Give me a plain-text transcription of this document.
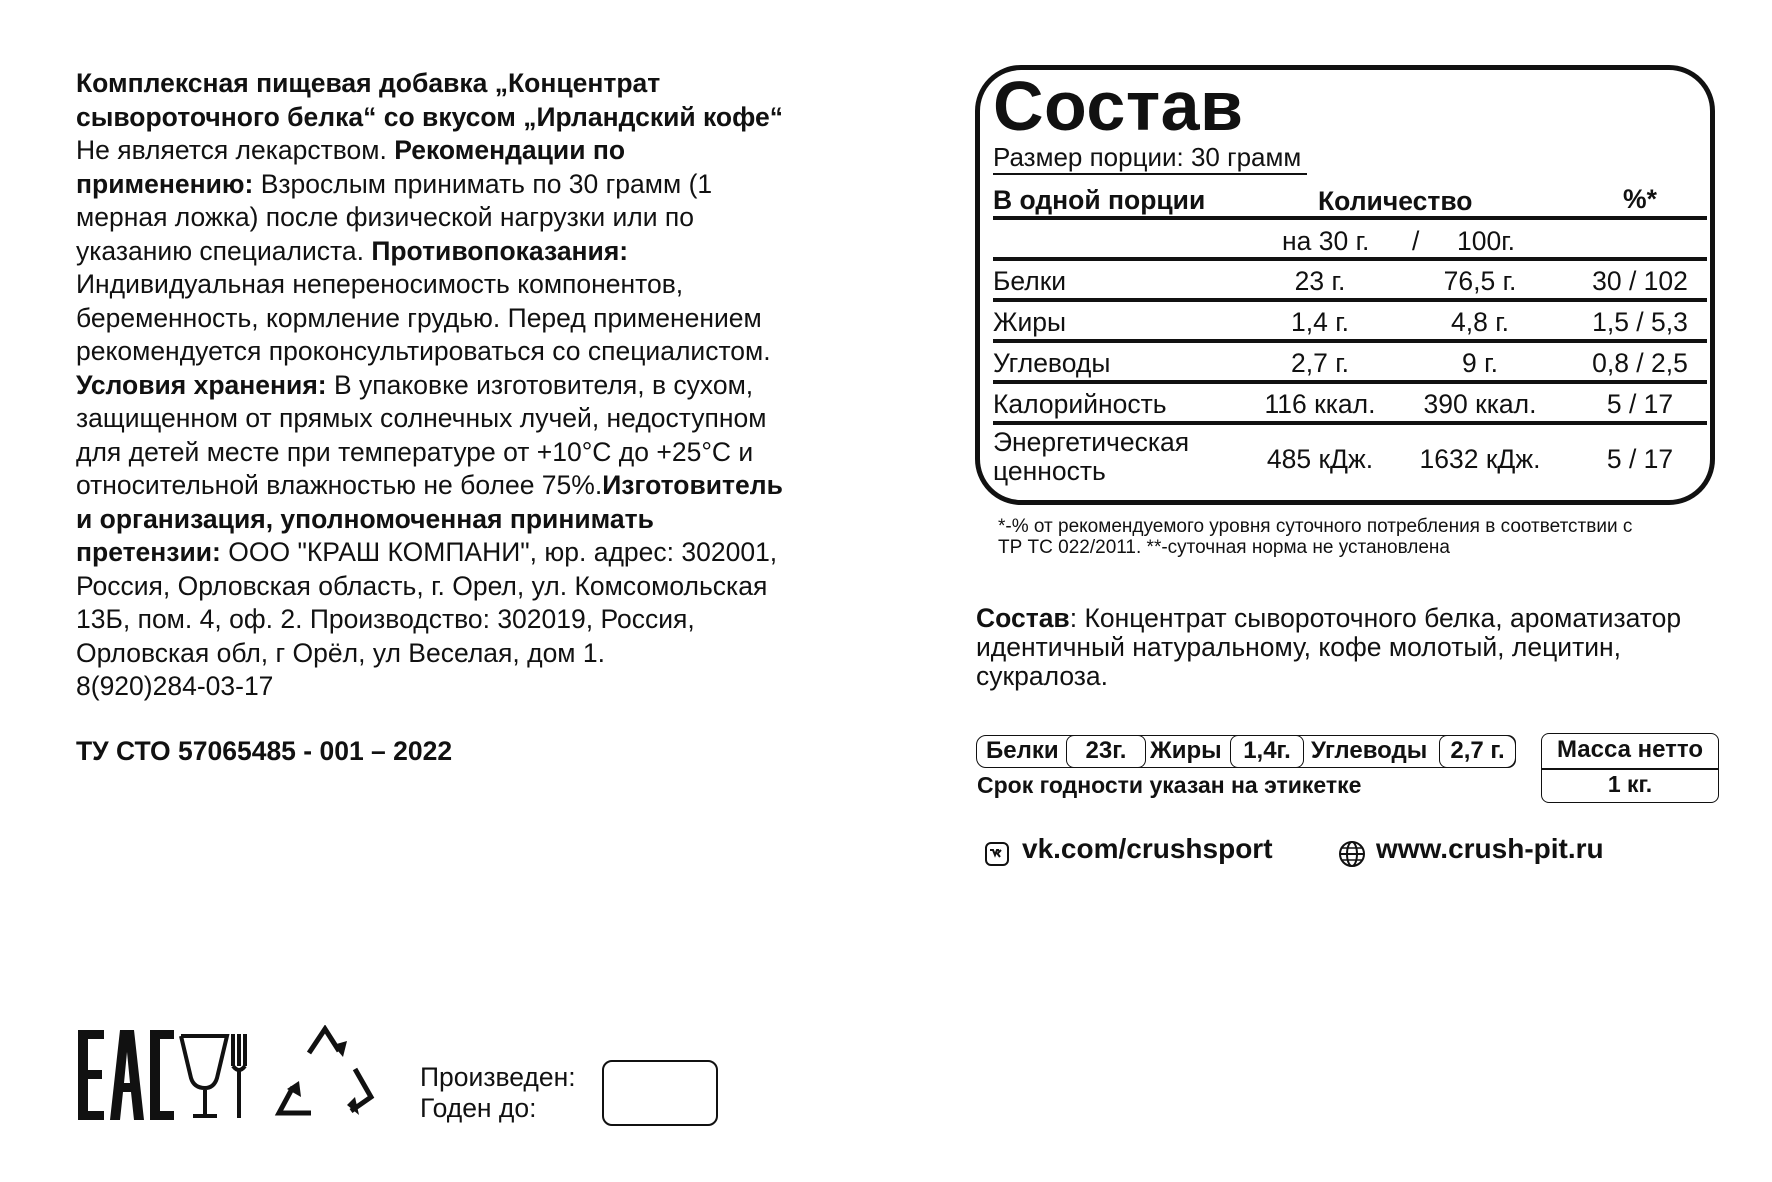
Комплексная пищевая добавка „Концентрат
сывороточного белка“ со вкусом „Ирландский кофе“
Не является лекарством. Рекомендации по
применению: Взрослым принимать по 30 грамм (1
мерная ложка) после физической нагрузки или по
указанию специалиста. Противопоказания:
Индивидуальная непереносимость компонентов,
беременность, кормление грудью. Перед применением
рекомендуется проконсультироваться со специалистом.
Условия хранения: В упаковке изготовителя, в сухом,
защищенном от прямых солнечных лучей, недоступном
для детей месте при температуре от +10°С до +25°С и
относительной влажностью не более 75%.Изготовитель
и организация, уполномоченная принимать
претензии: ООО "КРАШ КОМПАНИ", юр. адрес: 302001,
Россия, Орловская область, г. Орел, ул. Комсомольская
13Б, пом. 4, оф. 2. Производство: 302019, Россия,
Орловская обл, г Орёл, ул Веселая, дом 1.
8(920)284-03-17
ТУ СТО 57065485 - 001 – 2022
Состав
Размер порции: 30 грамм
В одной порции	Количество	%*
на 30 г. / 100г.
Белки	23 г.	76,5 г.	30 / 102
Жиры	1,4 г.	4,8 г.	1,5 / 5,3
Углеводы	2,7 г.	9 г.	0,8 / 2,5
Калорийность	116 ккал.	390 ккал.	5 / 17
Энергетическая
ценность	485 кДж.	1632 кДж.	5 / 17
*-% от рекомендуемого уровня суточного потребления в соответствии с
ТР ТС 022/2011. **-суточная норма не установлена
Состав: Концентрат сывороточного белка, ароматизатор идентичный натуральному, кофе молотый, лецитин, сукралоза.
Белки	23г. Жиры 1,4г. Углеводы 2,7 г.
Срок годности указан на этикетке
Масса нетто
1 кг.
vk.com/crushsport	www.crush-pit.ru
Произведен:
Годен до:
